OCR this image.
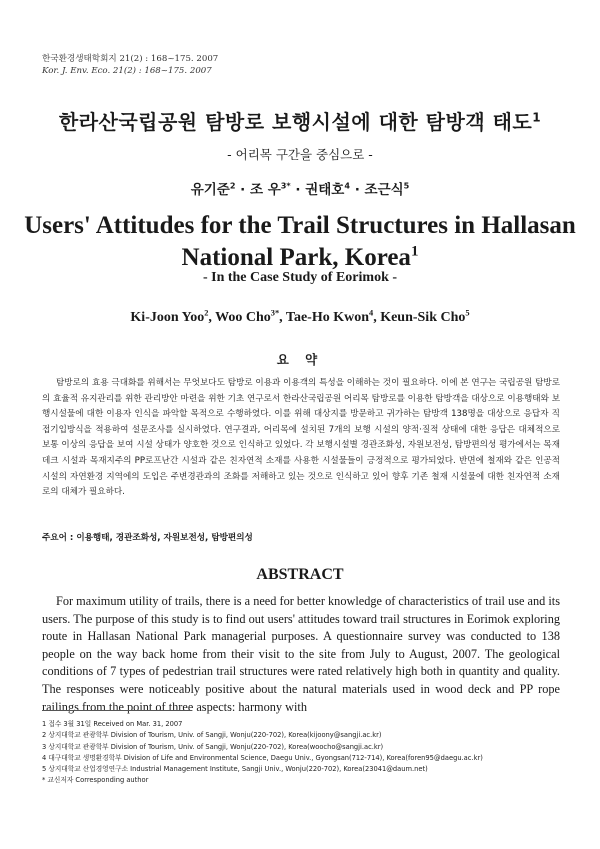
한국환경생태학회지 21(2) : 168~175. 2007
Kor. J. Env. Eco. 21(2) : 168~175. 2007
한라산국립공원 탐방로 보행시설에 대한 탐방객 태도$^1$
- 어리목 구간을 중심으로 -
유기준$^2$ · 조 우$^{3*}$ · 권태호$^4$ · 조근식$^5$
Users' Attitudes for the Trail Structures in Hallasan
National Park, Korea$^1$
- In the Case Study of Eorimok -
Ki-Joon Yoo$^2$, Woo Cho$^{3*}$, Tae-Ho Kwon$^4$, Keun-Sik Cho$^5$
요 약

탐방로의 효용 극대화를 위해서는 무엇보다도 탐방로 이용과 이용객의 특성을 이해하는 것이 필요하다. 이에 본 연구는 국립공원 탐방로의 효율적 유지관리를 위한 관리방안 마련을 위한 기초 연구로서 한라산국립공원 어리목 탐방로를 이용한 탐방객을 대상으로 이용행태와 보행시설물에 대한 이용자 인식을 파악할 목적으로 수행하였다. 이를 위해 대상지를 방문하고 귀가하는 탐방객 138명을 대상으로 응답자 직접기입방식을 적용하여 설문조사를 실시하였다. 연구결과, 어리목에 설치된 7개의 보행 시설의 양적·질적 상태에 대한 응답은 대체적으로 보통 이상의 응답을 보여 시설 상태가 양호한 것으로 인식하고 있었다. 각 보행시설별 경관조화성, 자원보전성, 탐방편의성 평가에서는 목재데크 시설과 목재지주의 PP로프난간 시설과 같은 친자연적 소재를 사용한 시설물들이 긍정적으로 평가되었다. 반면에 철재와 같은 인공적 시설의 자연환경 지역에의 도입은 주변경관과의 조화를 저해하고 있는 것으로 인식하고 있어 향후 기존 철재 시설물에 대한 친자연적 소재로의 대체가 필요하다.

주요어 : 이용행태, 경관조화성, 자원보전성, 탐방편의성
ABSTRACT

For maximum utility of trails, there is a need for better knowledge of characteristics of trail use and its users. The purpose of this study is to find out users' attitudes toward trail structures in Eorimok exploring route in Hallasan National Park managerial purposes. A questionnaire survey was conducted to 138 people on the way back home from their visit to the site from July to August, 2007. The geological conditions of 7 types of pedestrian trail structures were rated relatively high both in quantity and quality. The responses were noticeably positive about the natural materials used in wood deck and PP rope railings from the point of three aspects: harmony with

1 접수 3월 31일 Received on Mar. 31, 2007
2 상지대학교 관광학부 Division of Tourism, Univ. of Sangji, Wonju(220-702), Korea(kijoony@sangji.ac.kr)
3 상지대학교 관광학부 Division of Tourism, Univ. of Sangji, Wonju(220-702), Korea(woocho@sangji.ac.kr)
4 대구대학교 생명환경학부 Division of Life and Environmental Science, Daegu Univ., Gyongsan(712-714), Korea(foren95@daegu.ac.kr)
5 상지대학교 산업경영연구소 Industrial Management Institute, Sangji Univ., Wonju(220-702), Korea(23041@daum.net)
* 교신저자 Corresponding author
